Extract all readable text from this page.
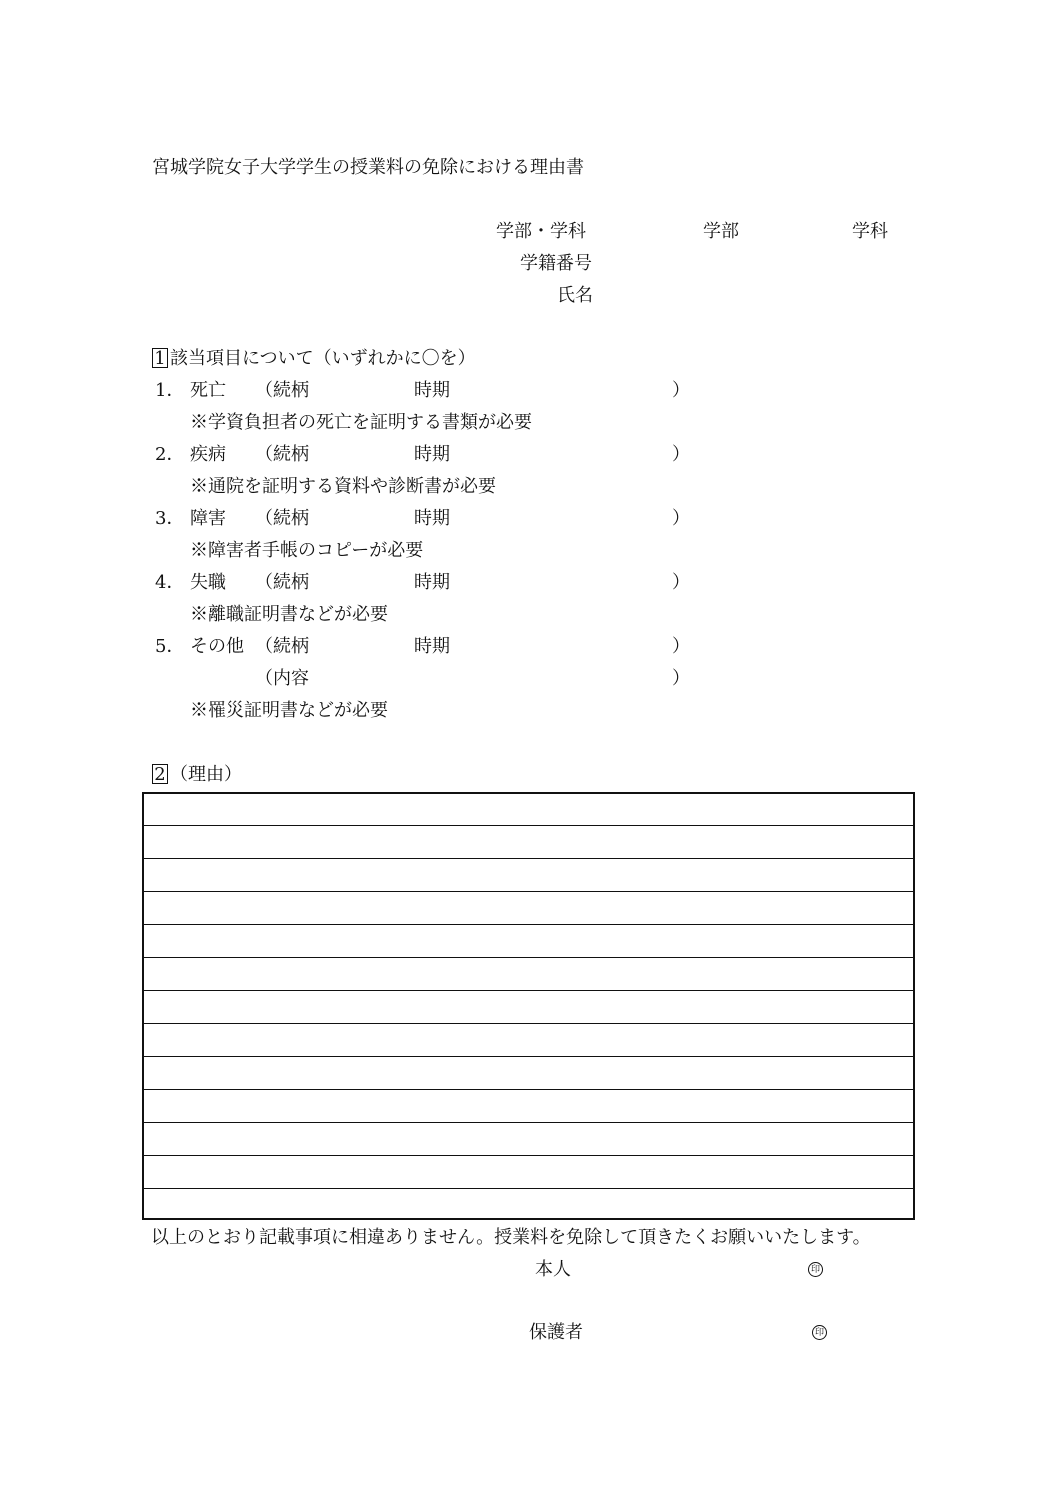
宮城学院女子大学学生の授業料の免除における理由書
学部・学科	学部	学科
学籍番号
氏名
1 該当項目について（いずれかに〇を）
1． 死亡 （続柄	時期	）
※学資負担者の死亡を証明する書類が必要
2． 疾病 （続柄	時期	）
※通院を証明する資料や診断書が必要
3． 障害 （続柄	時期	）
※障害者手帳のコピーが必要
4． 失職 （続柄	時期	）
※離職証明書などが必要
5． その他 （続柄	時期	）
（内容	）
※罹災証明書などが必要
2 （理由）
以上のとおり記載事項に相違ありません。授業料を免除して頂きたくお願いいたします。
本人	印
保護者	印
